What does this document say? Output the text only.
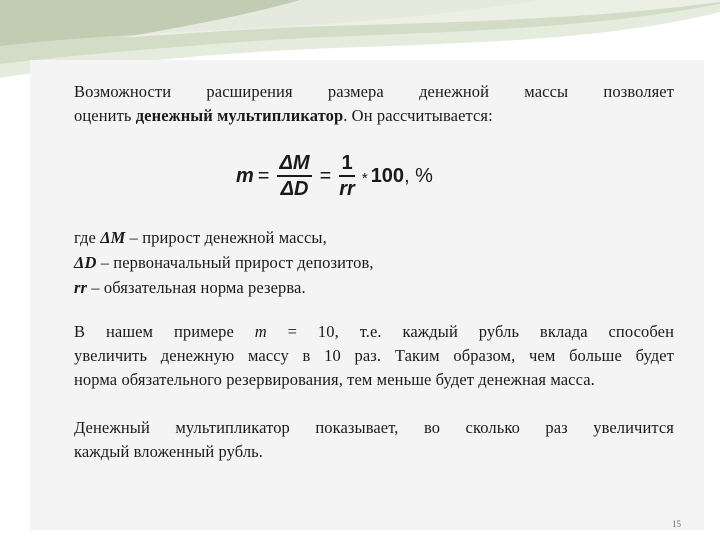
Возможности расширения размера денежной массы позволяет
оценить денежный мультипликатор. Он рассчитывается:
$m = \frac{\Delta M}{\Delta D} = \frac{1}{rr} * 100$ , %
где ΔM – прирост денежной массы,
ΔD – первоначальный прирост депозитов,
rr – обязательная норма резерва.
В нашем примере m = 10, т.е. каждый рубль вклада способен
увеличить денежную массу в 10 раз. Таким образом, чем больше будет
норма обязательного резервирования, тем меньше будет денежная масса.
Денежный мультипликатор показывает, во сколько раз увеличится
каждый вложенный рубль.
15
